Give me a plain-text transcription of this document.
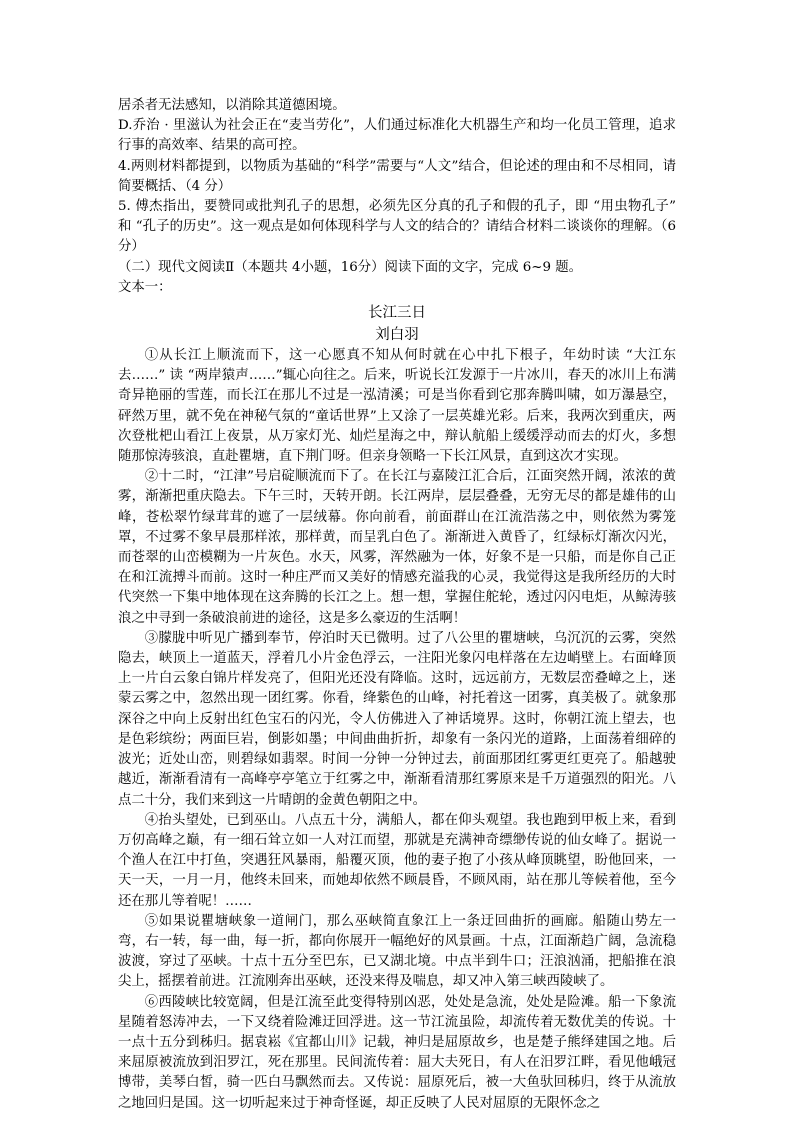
居杀者无法感知，以消除其道德困境。

D.乔治 · 里滋认为社会正在“麦当劳化”，人们通过标准化大机器生产和均一化员工管理，追求行事的高效率、结果的高可控。

4.两则材料都提到，以物质为基础的“科学”需要与“人文”结合，但论述的理由和不尽相同，请简要概括、（4 分）

5. 傅杰指出，要赞同或批判孔子的思想，必须先区分真的孔子和假的孔子，即 “用虫物孔子” 和 “孔子的历史”。这一观点是如何体现科学与人文的结合的？请结合材料二谈谈你的理解。（6分）

（二）现代文阅读Ⅱ（本题共 4小题，16分）阅读下面的文字，完成 6~9 题。

文本一：

长江三日

刘白羽

①从长江上顺流而下，这一心愿真不知从何时就在心中扎下根子，年幼时读 “大江东去……” 读 “两岸猿声……”辄心向往之。后来，听说长江发源于一片冰川，春天的冰川上布满奇异艳丽的雪莲，而长江在那儿不过是一泓清溪；可是当你看到它那奔腾叫啸，如万瀑悬空，砰然万里，就不免在神秘气氛的“童话世界”上又涂了一层英雄光彩。后来，我两次到重庆，两次登枇杷山看江上夜景，从万家灯光、灿烂星海之中，辩认航船上缓缓浮动而去的灯火，多想随那惊涛骇浪，直赴瞿塘，直下荆门呀。但亲身领略一下长江风景，直到这次才实现。

②十二时，“江津”号启碇顺流而下了。在长江与嘉陵江汇合后，江面突然开阔，浓浓的黄雾，渐渐把重庆隐去。下午三时，天转开朗。长江两岸，层层叠叠，无穷无尽的都是雄伟的山峰，苍松翠竹绿茸茸的遮了一层绒幕。你向前看，前面群山在江流浩荡之中，则依然为雾笼罩，不过雾不象早晨那样浓，那样黄，而呈乳白色了。渐渐进入黄昏了，红绿标灯渐次闪光，而苍翠的山峦模糊为一片灰色。水天，风雾，浑然融为一体，好象不是一只船，而是你自己正在和江流搏斗而前。这时一种庄严而又美好的情感充溢我的心灵，我觉得这是我所经历的大时代突然一下集中地体现在这奔腾的长江之上。想一想，掌握住舵轮，透过闪闪电炬，从鲸涛骇浪之中寻到一条破浪前进的途径，这是多么豪迈的生活啊！

③朦胧中听见广播到奉节，停泊时天已微明。过了八公里的瞿塘峡，乌沉沉的云雾，突然隐去，峡顶上一道蓝天，浮着几小片金色浮云，一注阳光象闪电样落在左边峭壁上。右面峰顶上一片白云象白锦片样发亮了，但阳光还没有降临。这时，远远前方，无数层峦叠嶂之上，迷蒙云雾之中，忽然出现一团红雾。你看，绛紫色的山峰，衬托着这一团雾，真美极了。就象那深谷之中向上反射出红色宝石的闪光，令人仿佛进入了神话境界。这时，你朝江流上望去，也是色彩缤纷；两面巨岩，倒影如墨；中间曲曲折折，却象有一条闪光的道路，上面荡着细碎的波光；近处山峦，则碧绿如翡翠。时间一分钟一分钟过去，前面那团红雾更红更亮了。船越驶越近，渐渐看清有一高峰亭亭笔立于红雾之中，渐渐看清那红雾原来是千万道强烈的阳光。八点二十分，我们来到这一片晴朗的金黄色朝阳之中。

④抬头望处，已到巫山。八点五十分，满船人，都在仰头观望。我也跑到甲板上来，看到万仞高峰之巅，有一细石耸立如一人对江而望，那就是充满神奇缥缈传说的仙女峰了。据说一个渔人在江中打鱼，突遇狂风暴雨，船覆灭顶，他的妻子抱了小孩从峰顶眺望，盼他回来，一天一天，一月一月，他终未回来，而她却依然不顾晨昏，不顾风雨，站在那儿等候着他，至今还在那儿等着呢！……

⑤如果说瞿塘峡象一道闸门，那么巫峡简直象江上一条迂回曲折的画廊。船随山势左一弯，右一转，每一曲，每一折，都向你展开一幅绝好的风景画。十点，江面渐趋广阔，急流稳波渡，穿过了巫峡。十点十五分至巴东，已又湖北境。中点半到牛口；汪浪汹涌，把船推在浪尖上，摇摆着前进。江流刚奔出巫峡，还没来得及喘息，却又冲入第三峡西陵峡了。

⑥西陵峡比较宽阔，但是江流至此变得特别凶恶，处处是急流，处处是险滩。船一下象流星随着怒涛冲去，一下又绕着险滩迂回浮进。这一节江流虽险，却流传着无数优美的传说。十一点十五分到秭归。据袁崧《宜都山川》记载，神归是屈原故乡，也是楚子熊绎建国之地。后来屈原被流放到汨罗江，死在那里。民间流传着：屈大夫死日，有人在汨罗江畔，看见他峨冠博带，美琴白皙，骑一匹白马飘然而去。又传说：屈原死后，被一大鱼驮回秭归，终于从流放之地回归是国。这一切听起来过于神奇怪诞，却正反映了人民对屈原的无限怀念之
